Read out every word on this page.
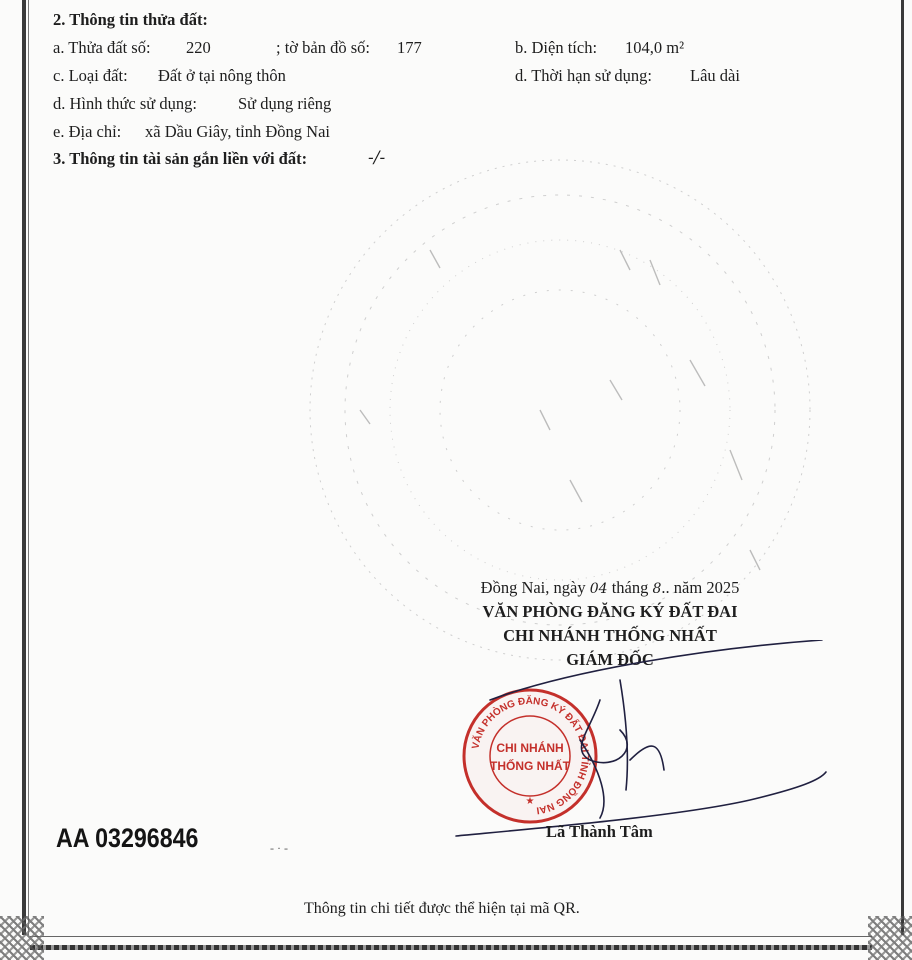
2. Thông tin thửa đất:
a. Thửa đất số: 220	; tờ bản đồ số: 177	b. Diện tích: 104,0 m²
c. Loại đất: Đất ở tại nông thôn	d. Thời hạn sử dụng: Lâu dài
d. Hình thức sử dụng: Sử dụng riêng
e. Địa chỉ: xã Dầu Giây, tỉnh Đồng Nai
3. Thông tin tài sản gắn liền với đất:	-/-
Đồng Nai, ngày 04 tháng 8.. năm 2025
VĂN PHÒNG ĐĂNG KÝ ĐẤT ĐAI
CHI NHÁNH THỐNG NHẤT
GIÁM ĐỐC
VĂN PHÒNG ĐĂNG KÝ ĐẤT ĐAI TỈNH ĐỒNG NAI
CHI NHÁNH
THỐNG NHẤT
★
Lã Thành Tâm
AA 03296846	- · -
Thông tin chi tiết được thể hiện tại mã QR.
